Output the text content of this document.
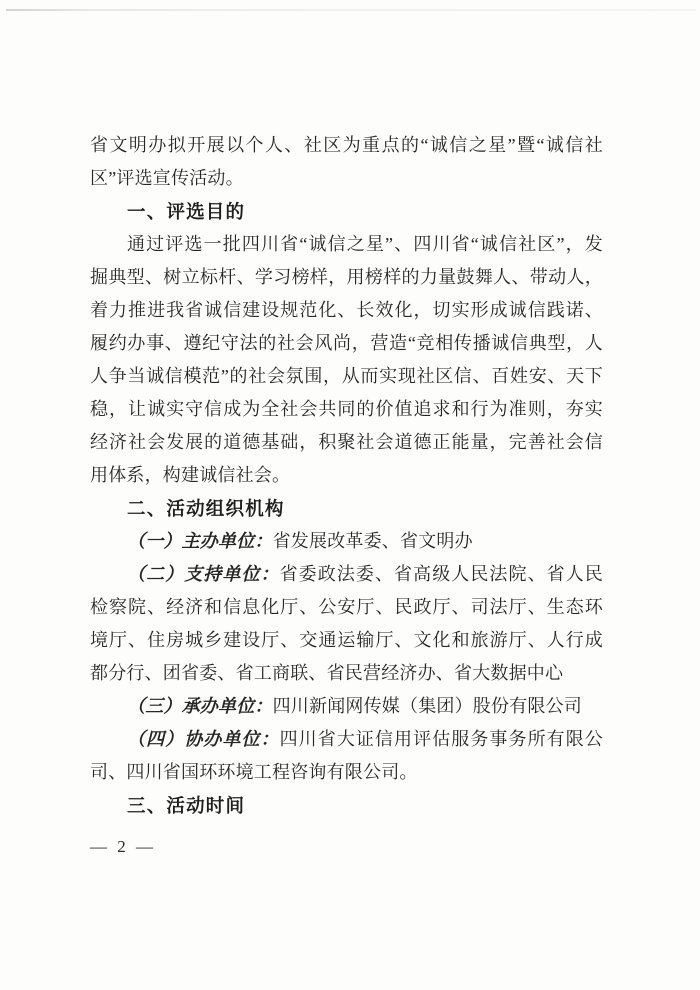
省文明办拟开展以个人、社区为重点的“诚信之星”暨“诚信社
区”评选宣传活动。
一、评选目的
通过评选一批四川省“诚信之星”、四川省“诚信社区”，发
掘典型、树立标杆、学习榜样，用榜样的力量鼓舞人、带动人，
着力推进我省诚信建设规范化、长效化，切实形成诚信践诺、
履约办事、遵纪守法的社会风尚，营造“竞相传播诚信典型，人
人争当诚信模范”的社会氛围，从而实现社区信、百姓安、天下
稳，让诚实守信成为全社会共同的价值追求和行为准则，夯实
经济社会发展的道德基础，积聚社会道德正能量，完善社会信
用体系，构建诚信社会。
二、活动组织机构
（一）主办单位：省发展改革委、省文明办
（二）支持单位：省委政法委、省高级人民法院、省人民
检察院、经济和信息化厅、公安厅、民政厅、司法厅、生态环
境厅、住房城乡建设厅、交通运输厅、文化和旅游厅、人行成
都分行、团省委、省工商联、省民营经济办、省大数据中心
（三）承办单位：四川新闻网传媒（集团）股份有限公司
（四）协办单位：四川省大证信用评估服务事务所有限公
司、四川省国环环境工程咨询有限公司。
三、活动时间
— 2 —
